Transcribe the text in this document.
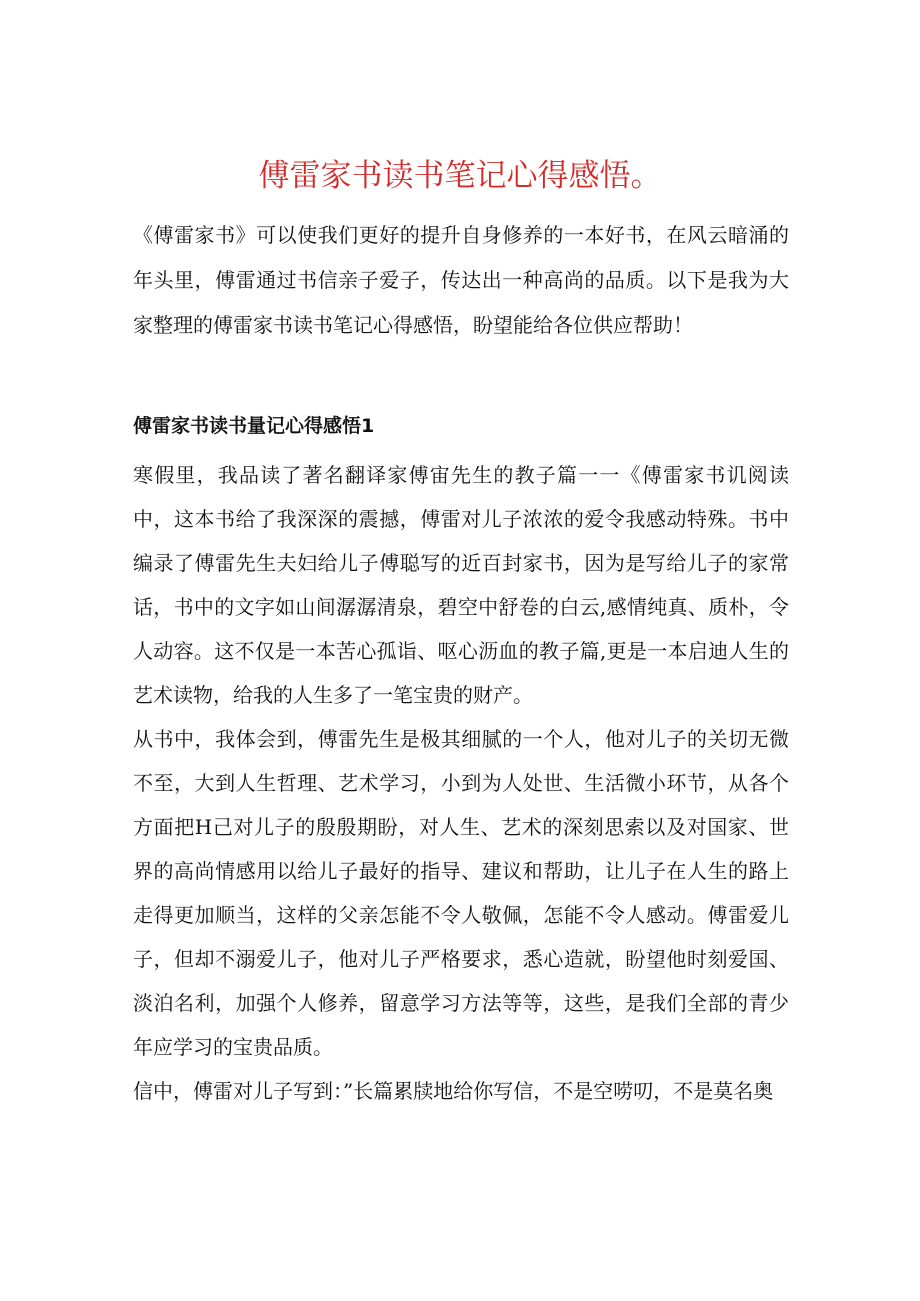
傅雷家书读书笔记心得感悟。

《傅雷家书》可以使我们更好的提升自身修养的一本好书，在风云暗涌的年头里，傅雷通过书信亲子爱子，传达出一种高尚的品质。以下是我为大家整理的傅雷家书读书笔记心得感悟，盼望能给各位供应帮助！

傅雷家书读书量记心得感悟1

寒假里，我品读了著名翻译家傅宙先生的教子篇一一《傅雷家书讥阅读中，这本书给了我深深的震撼，傅雷对儿子浓浓的爱令我感动特殊。书中编录了傅雷先生夫妇给儿子傅聪写的近百封家书，因为是写给儿子的家常话，书中的文字如山间潺潺清泉，碧空中舒卷的白云,感情纯真、质朴，令人动容。这不仅是一本苦心孤诣、呕心沥血的教子篇,更是一本启迪人生的艺术读物，给我的人生多了一笔宝贵的财产。

从书中，我体会到，傅雷先生是极其细腻的一个人，他对儿子的关切无微不至，大到人生哲理、艺术学习，小到为人处世、生活微小环节，从各个方面把H己对儿子的殷殷期盼，对人生、艺术的深刻思索以及对国家、世界的高尚情感用以给儿子最好的指导、建议和帮助，让儿子在人生的路上走得更加顺当，这样的父亲怎能不令人敬佩，怎能不令人感动。傅雷爱儿子，但却不溺爱儿子，他对儿子严格要求，悉心造就，盼望他时刻爱国、淡泊名利，加强个人修养，留意学习方法等等，这些，是我们全部的青少年应学习的宝贵品质。

信中，傅雷对儿子写到：”长篇累牍地给你写信，不是空唠叨，不是莫名奥
